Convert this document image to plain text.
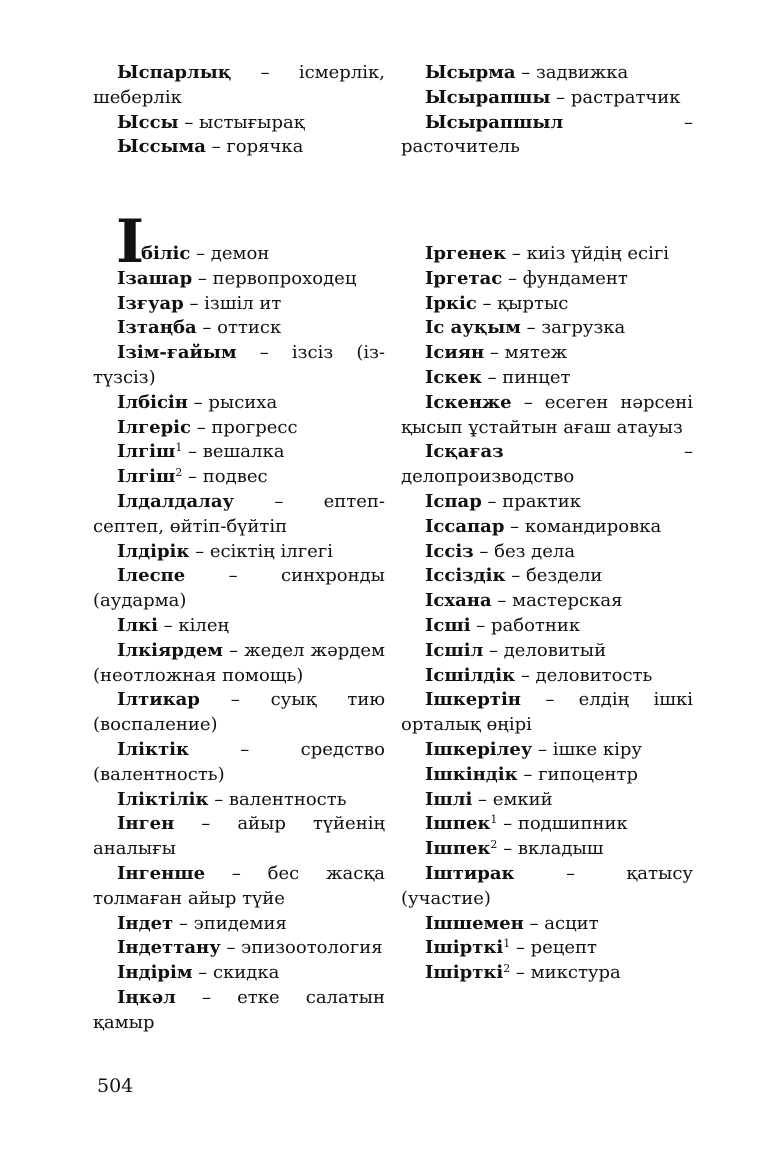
Ыспарлық – ісмерлік, шеберлік

Ыссы – ыстығырақ

Ыссыма – горячка

Ысырма – задвижка

Ысырапшы – растратчик

Ысырапшыл – расточитель

І

біліс – демон

Ізашар – первопроходец

Ізғуар – ізшіл ит

Ізтаңба – оттиск

Ізім-ғайым – ізсіз (із-түзсіз)

Ілбісін – рысиха

Ілгеріс – прогресс

Ілгіш$^1$ – вешалка

Ілгіш$^2$ – подвес

Ілдалдалау – ептеп-септеп, өйтіп-бүйтіп

Ілдірік – есіктің ілгегі

Ілеспе – синхронды (аударма)

Ілкі – кілең

Ілкіярдем – жедел жәрдем (неотложная помощь)

Ілтикар – суық тию (воспаление)

Іліктік – средство (валентность)

Іліктілік – валентность

Інген – айыр түйенің аналығы

Інгенше – бес жасқа толмаған айыр түйе

Індет – эпидемия

Індеттану – эпизоотология

Індірім – скидка

Іңкәл – етке салатын қамыр

Іргенек – киіз үйдің есігі

Іргетас – фундамент

Іркіс – қыртыс

Іс ауқым – загрузка

Ісиян – мятеж

Іскек – пинцет

Іскенже – есеген нәрсені қысып ұстайтын ағаш атауыз

Ісқағаз – делопроизводство

Іспар – практик

Іссапар – командировка

Іссіз – без дела

Іссіздік – бездели

Ісхана – мастерская

Ісші – работник

Ісшіл – деловитый

Ісшілдік – деловитость

Ішкертін – елдің ішкі орталық өңірі

Ішкерілеу – ішке кіру

Ішкіндік – гипоцентр

Ішлі – емкий

Ішпек$^1$ – подшипник

Ішпек$^2$ – вкладыш

Іштирак – қатысу (участие)

Ішшемен – асцит

Ішірткі$^1$ – рецепт

Ішірткі$^2$ – микстура

504
